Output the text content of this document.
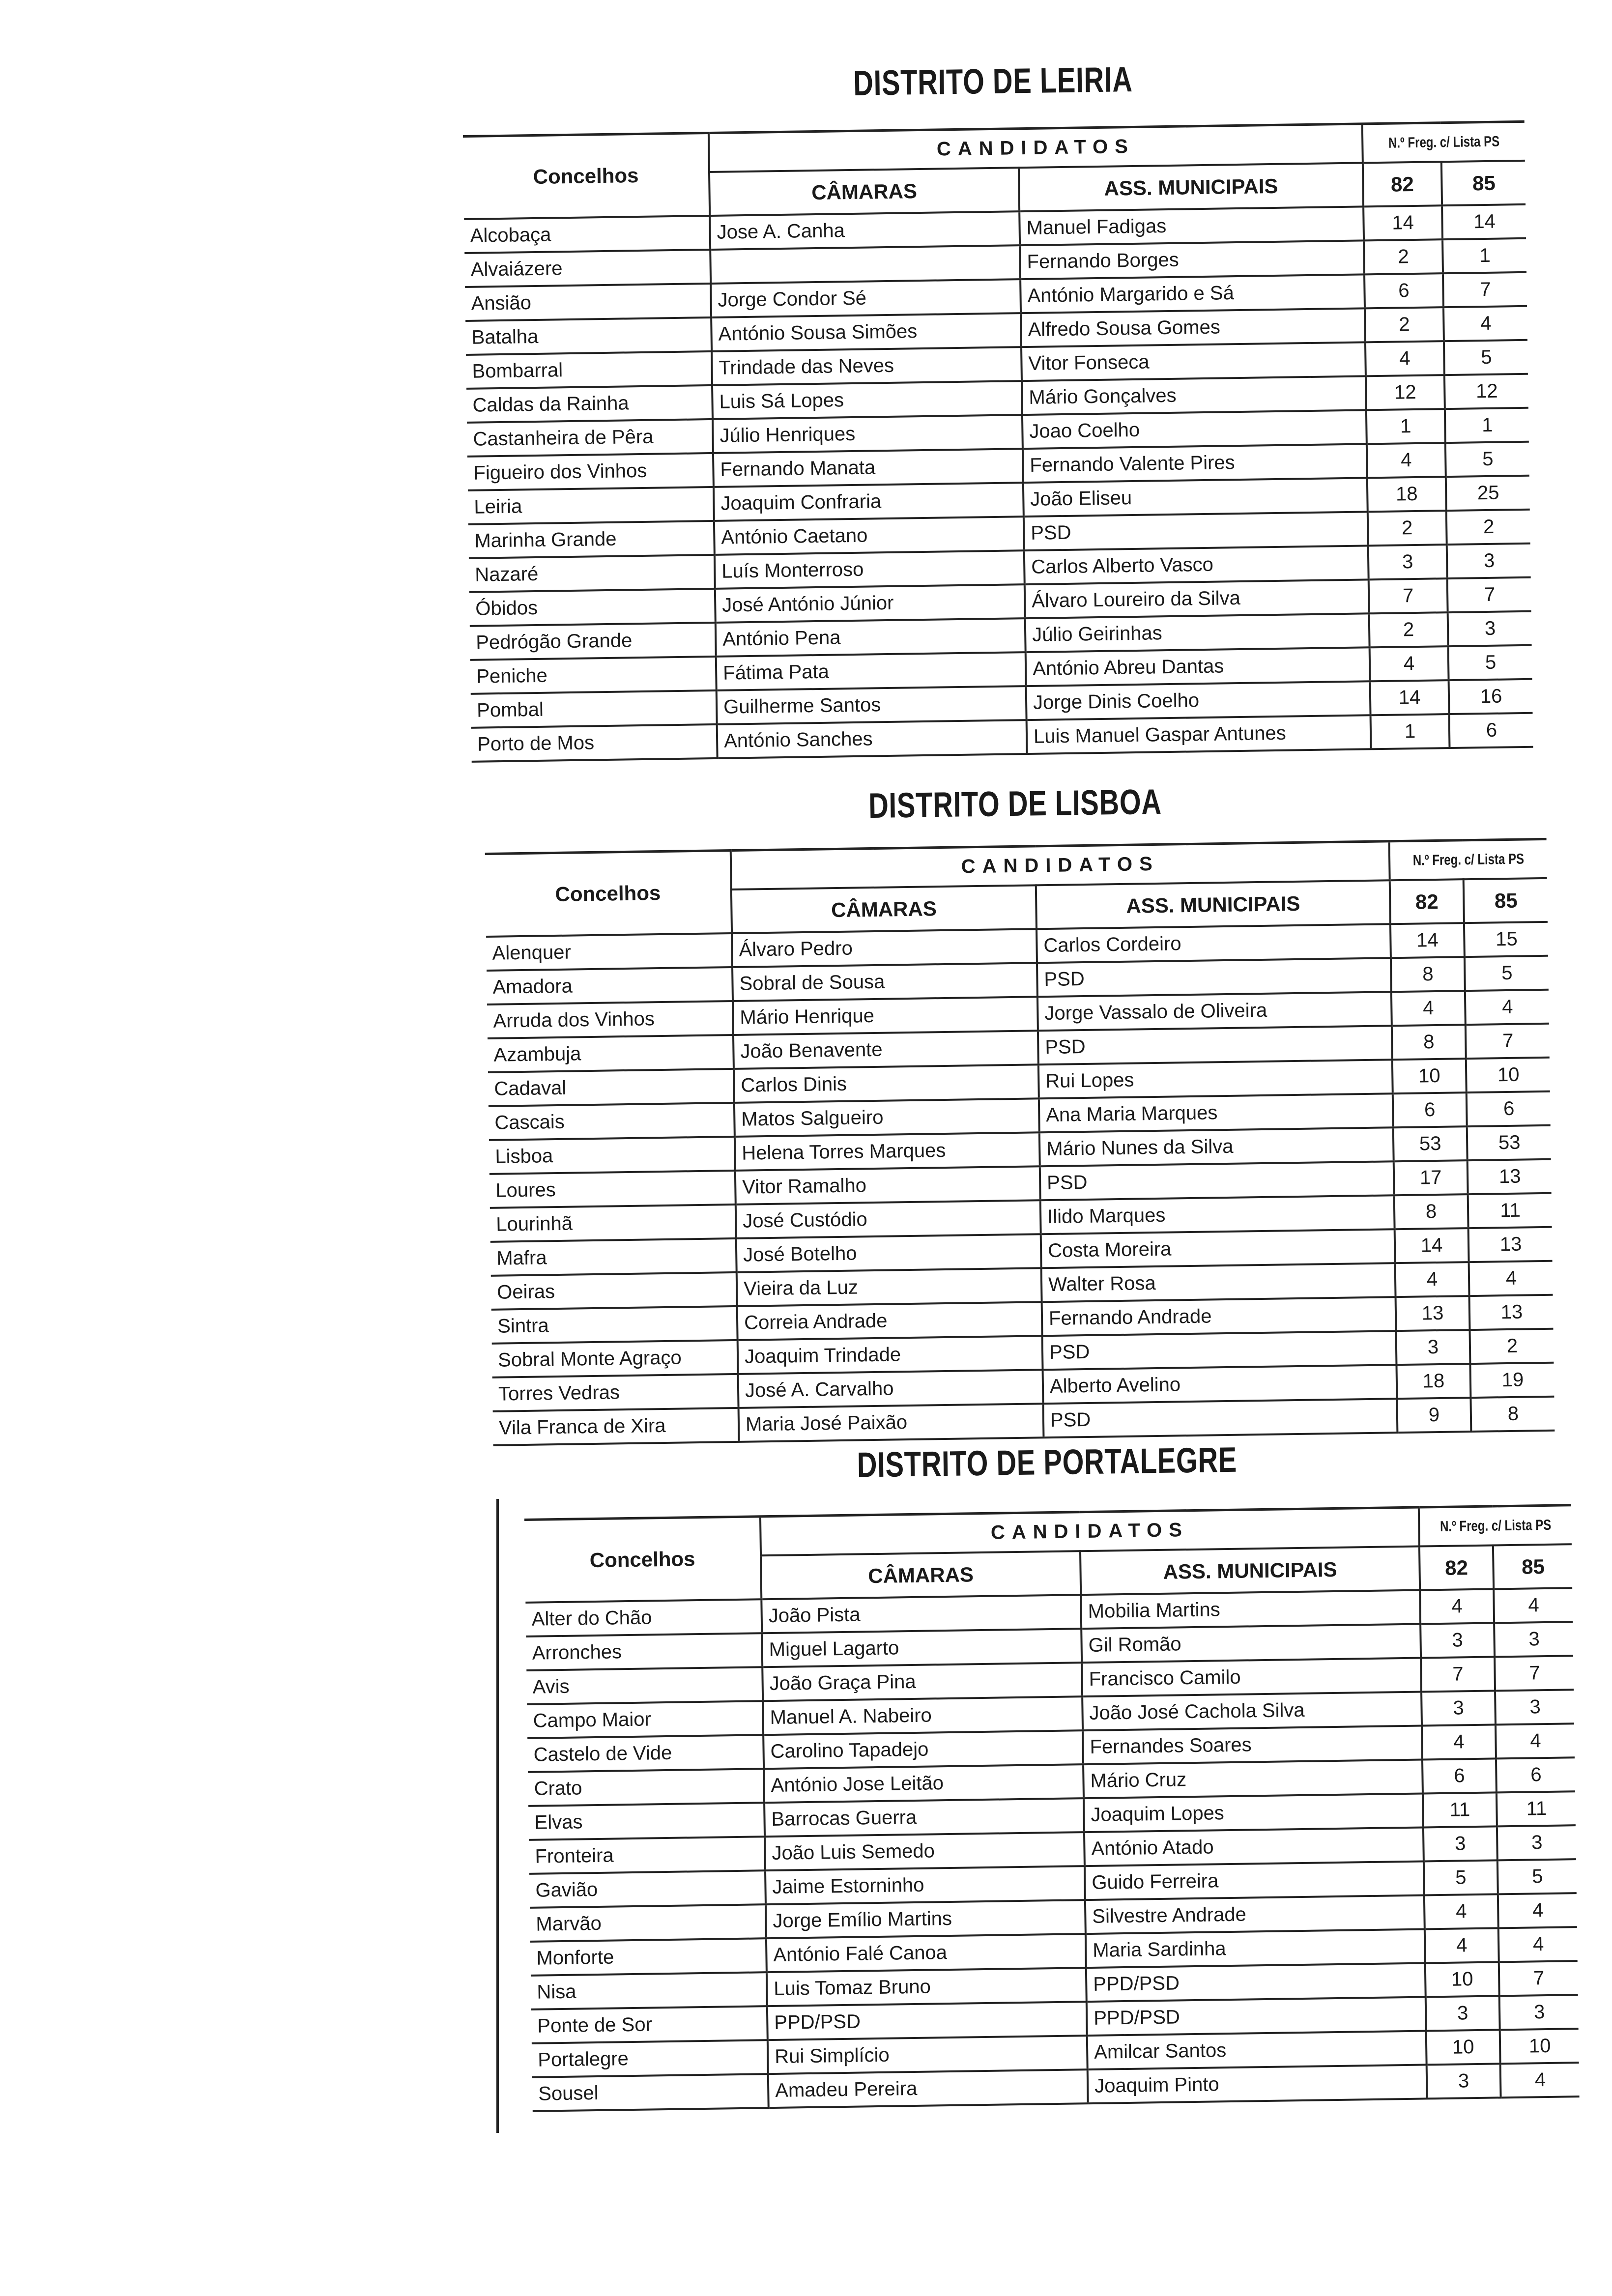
DISTRITO DE LEIRIA
Concelhos	CANDIDATOS		N.º Freg. c/ Lista PS	
	CÂMARAS	ASS. MUNICIPAIS	82	85
Alcobaça	Jose A. Canha	Manuel Fadigas	14	14
Alvaiázere		Fernando Borges	2	1
Ansião	Jorge Condor Sé	António Margarido e Sá	6	7
Batalha	António Sousa Simões	Alfredo Sousa Gomes	2	4
Bombarral	Trindade das Neves	Vitor Fonseca	4	5
Caldas da Rainha	Luis Sá Lopes	Mário Gonçalves	12	12
Castanheira de Pêra	Júlio Henriques	Joao Coelho	1	1
Figueiro dos Vinhos	Fernando Manata	Fernando Valente Pires	4	5
Leiria	Joaquim Confraria	João Eliseu	18	25
Marinha Grande	António Caetano	PSD	2	2
Nazaré	Luís Monterroso	Carlos Alberto Vasco	3	3
Óbidos	José António Júnior	Álvaro Loureiro da Silva	7	7
Pedrógão Grande	António Pena	Júlio Geirinhas	2	3
Peniche	Fátima Pata	António Abreu Dantas	4	5
Pombal	Guilherme Santos	Jorge Dinis Coelho	14	16
Porto de Mos	António Sanches	Luis Manuel Gaspar Antunes	1	6
DISTRITO DE LISBOA
Concelhos	CANDIDATOS		N.º Freg. c/ Lista PS	
	CÂMARAS	ASS. MUNICIPAIS	82	85
Alenquer	Álvaro Pedro	Carlos Cordeiro	14	15
Amadora	Sobral de Sousa	PSD	8	5
Arruda dos Vinhos	Mário Henrique	Jorge Vassalo de Oliveira	4	4
Azambuja	João Benavente	PSD	8	7
Cadaval	Carlos Dinis	Rui Lopes	10	10
Cascais	Matos Salgueiro	Ana Maria Marques	6	6
Lisboa	Helena Torres Marques	Mário Nunes da Silva	53	53
Loures	Vitor Ramalho	PSD	17	13
Lourinhã	José Custódio	Ilido Marques	8	11
Mafra	José Botelho	Costa Moreira	14	13
Oeiras	Vieira da Luz	Walter Rosa	4	4
Sintra	Correia Andrade	Fernando Andrade	13	13
Sobral Monte Agraço	Joaquim Trindade	PSD	3	2
Torres Vedras	José A. Carvalho	Alberto Avelino	18	19
Vila Franca de Xira	Maria José Paixão	PSD	9	8
DISTRITO DE PORTALEGRE
Concelhos	CANDIDATOS		N.º Freg. c/ Lista PS	
	CÂMARAS	ASS. MUNICIPAIS	82	85
Alter do Chão	João Pista	Mobilia Martins	4	4
Arronches	Miguel Lagarto	Gil Romão	3	3
Avis	João Graça Pina	Francisco Camilo	7	7
Campo Maior	Manuel A. Nabeiro	João José Cachola Silva	3	3
Castelo de Vide	Carolino Tapadejo	Fernandes Soares	4	4
Crato	António Jose Leitão	Mário Cruz	6	6
Elvas	Barrocas Guerra	Joaquim Lopes	11	11
Fronteira	João Luis Semedo	António Atado	3	3
Gavião	Jaime Estorninho	Guido Ferreira	5	5
Marvão	Jorge Emílio Martins	Silvestre Andrade	4	4
Monforte	António Falé Canoa	Maria Sardinha	4	4
Nisa	Luis Tomaz Bruno	PPD/PSD	10	7
Ponte de Sor	PPD/PSD	PPD/PSD	3	3
Portalegre	Rui Simplício	Amilcar Santos	10	10
Sousel	Amadeu Pereira	Joaquim Pinto	3	4
